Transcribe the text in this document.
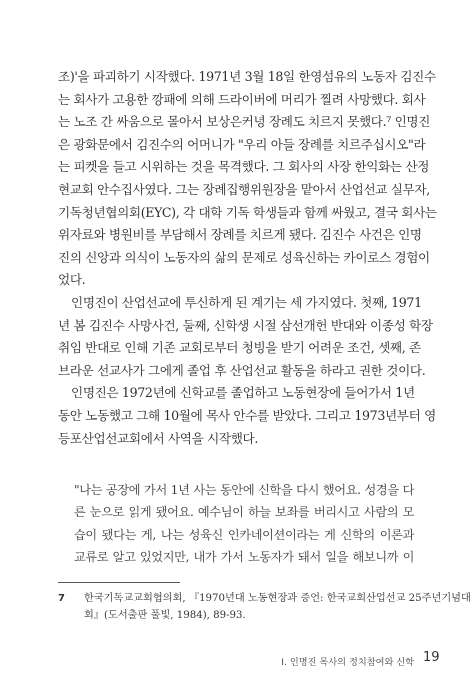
조)'을 파괴하기 시작했다. 1971년 3월 18일 한영섬유의 노동자 김진수
는 회사가 고용한 깡패에 의해 드라이버에 머리가 찔려 사망했다. 회사
는 노조 간 싸움으로 몰아서 보상은커녕 장례도 치르지 못했다.⁷ 인명진
은 광화문에서 김진수의 어머니가 "우리 아들 장례를 치르주십시오"라
는 피켓을 들고 시위하는 것을 목격했다. 그 회사의 사장 한익화는 산정
현교회 안수집사였다. 그는 장례집행위원장을 맡아서 산업선교 실무자,
기독청년협의회(EYC), 각 대학 기독 학생들과 함께 싸웠고, 결국 회사는
위자료와 병원비를 부담해서 장례를 치르게 됐다. 김진수 사건은 인명
진의 신앙과 의식이 노동자의 삶의 문제로 성육신하는 카이로스 경험이
었다.
인명진이 산업선교에 투신하게 된 계기는 세 가지였다. 첫째, 1971
년 봄 김진수 사망사건, 둘째, 신학생 시절 삼선개헌 반대와 이종성 학장
취임 반대로 인해 기존 교회로부터 청빙을 받기 어려운 조건, 셋째, 존
브라운 선교사가 그에게 졸업 후 산업선교 활동을 하라고 권한 것이다.
인명진은 1972년에 신학교를 졸업하고 노동현장에 들어가서 1년
동안 노동했고 그해 10월에 목사 안수를 받았다. 그리고 1973년부터 영
등포산업선교회에서 사역을 시작했다.
"나는 공장에 가서 1년 사는 동안에 신학을 다시 했어요. 성경을 다
른 눈으로 읽게 됐어요. 예수님이 하늘 보좌를 버리시고 사람의 모
습이 됐다는 게, 나는 성육신 인카네이션이라는 게 신학의 이론과
교류로 알고 있었지만, 내가 가서 노동자가 돼서 일을 해보니까 이
7 한국기독교교회협의회, 『1970년대 노동현장과 증언: 한국교회산업선교 25주년기념대
회』(도서출판 풀빛, 1984), 89-93.
I. 인명진 목사의 정치참여와 신학 19
